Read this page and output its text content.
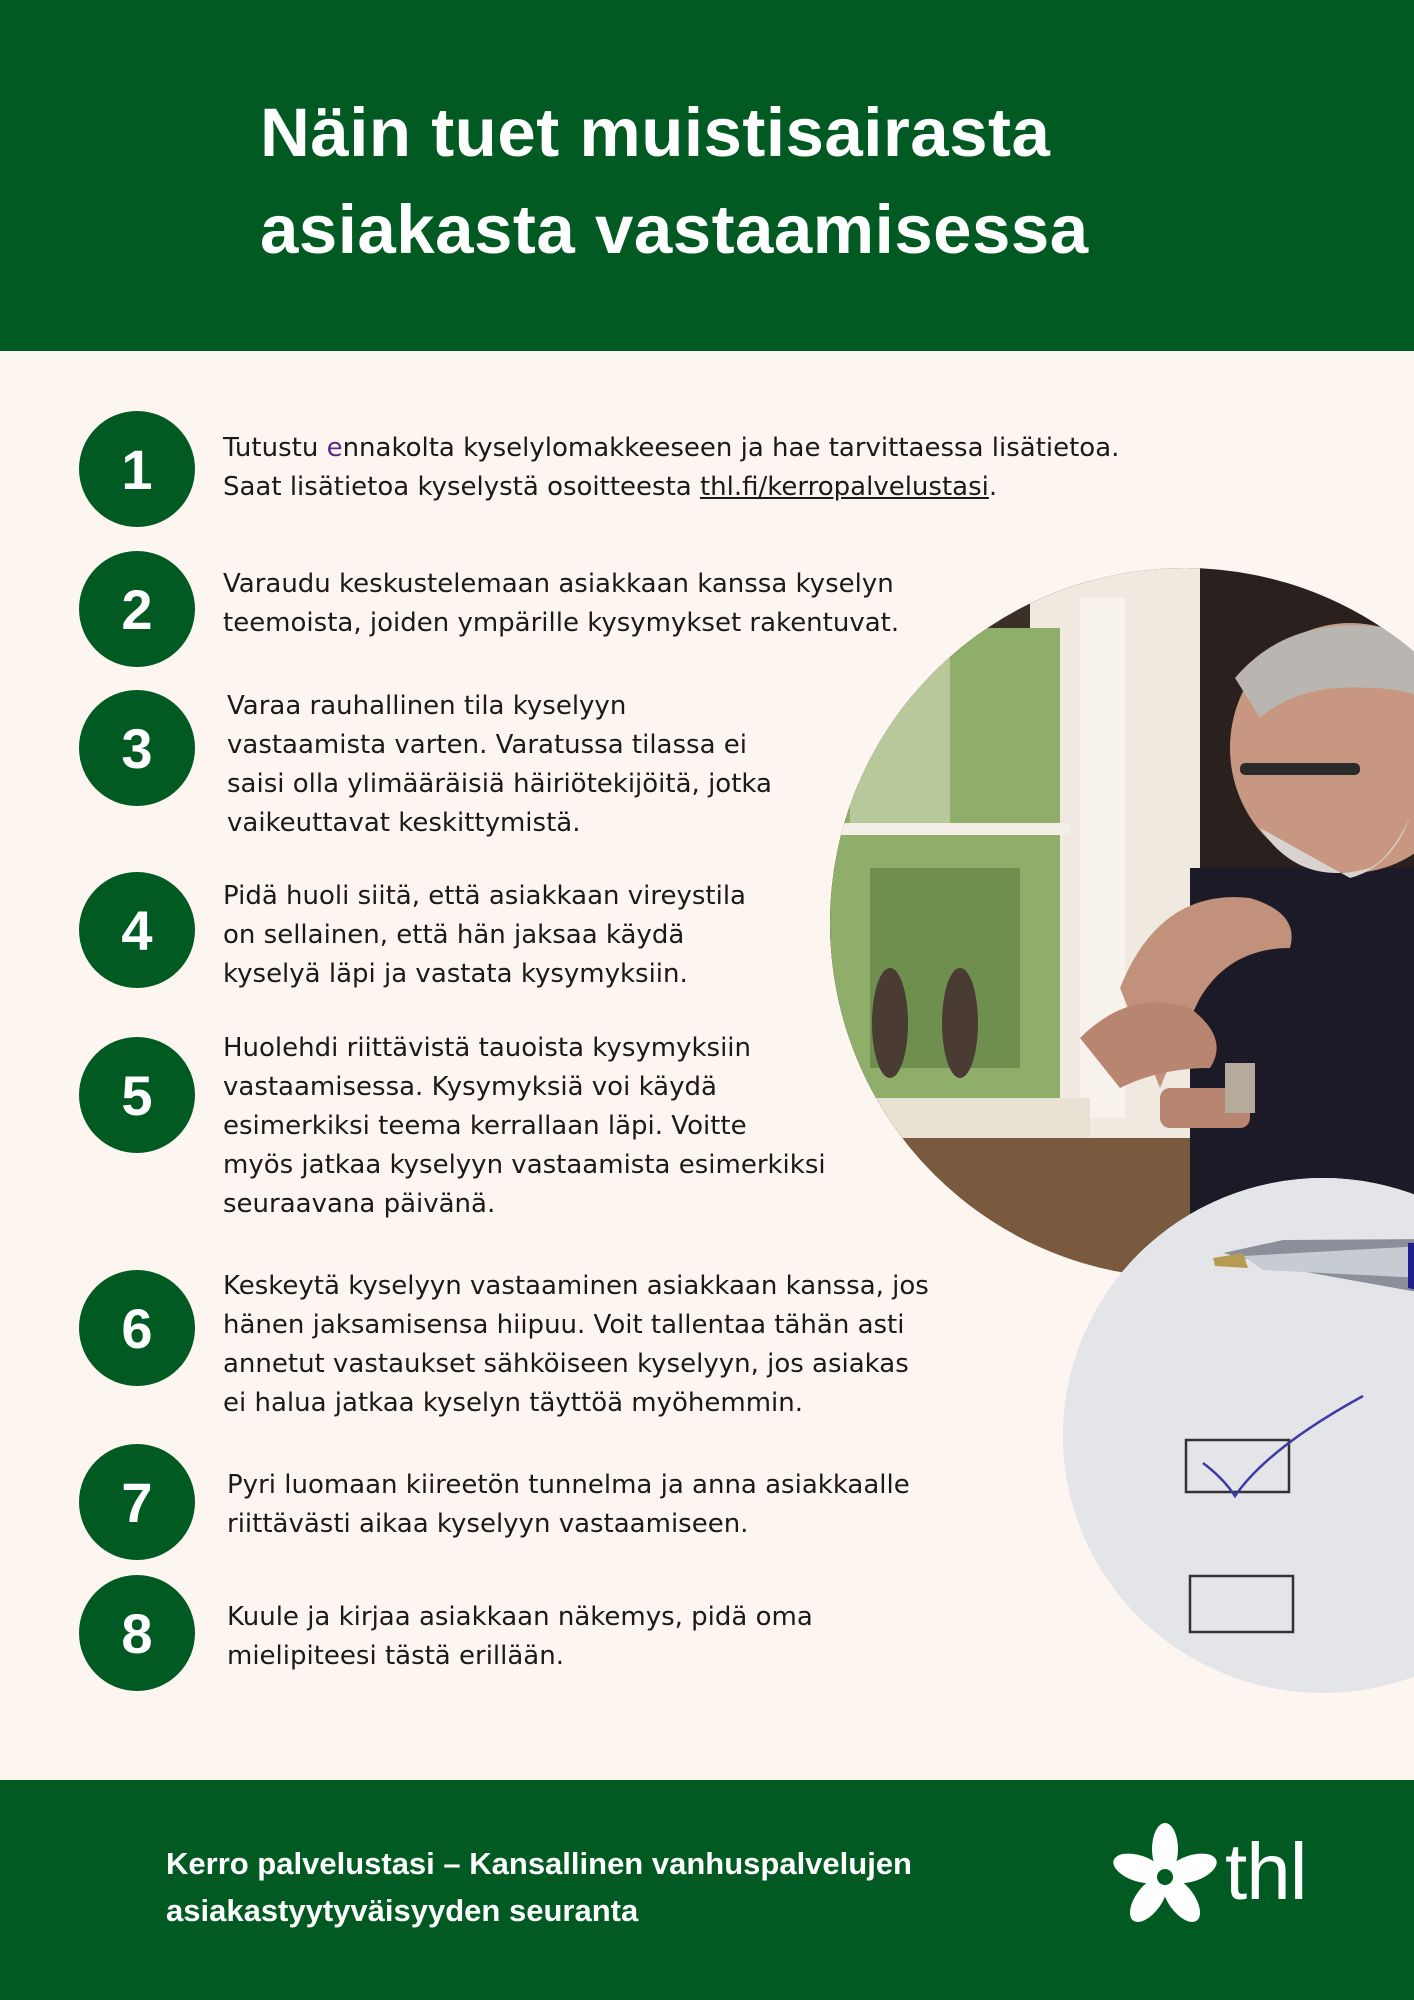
Näin tuet muistisairasta
asiakasta vastaamisessa
1	Tutustu ennakolta kyselylomakkeeseen ja hae tarvittaessa lisätietoa.
Saat lisätietoa kyselystä osoitteesta thl.fi/kerropalvelustasi.

2	Varaudu keskustelemaan asiakkaan kanssa kyselyn
teemoista, joiden ympärille kysymykset rakentuvat.

3

Varaa rauhallinen tila kyselyyn
vastaamista varten. Varatussa tilassa ei
saisi olla ylimääräisiä häiriötekijöitä, jotka
vaikeuttavat keskittymistä.

4

Pidä huoli siitä, että asiakkaan vireystila
on sellainen, että hän jaksaa käydä
kyselyä läpi ja vastata kysymyksiin.

5

Huolehdi riittävistä tauoista kysymyksiin
vastaamisessa. Kysymyksiä voi käydä
esimerkiksi teema kerrallaan läpi. Voitte
myös jatkaa kyselyyn vastaamista esimerkiksi
seuraavana päivänä.

6

Keskeytä kyselyyn vastaaminen asiakkaan kanssa, jos
hänen jaksamisensa hiipuu. Voit tallentaa tähän asti
annetut vastaukset sähköiseen kyselyyn, jos asiakas
ei halua jatkaa kyselyn täyttöä myöhemmin.

7	Pyri luomaan kiireetön tunnelma ja anna asiakkaalle
riittävästi aikaa kyselyyn vastaamiseen.

8	Kuule ja kirjaa asiakkaan näkemys, pidä oma
mielipiteesi tästä erillään.

Kerro palvelustasi – Kansallinen vanhuspalvelujen
asiakastyytyväisyyden seuranta	thl
